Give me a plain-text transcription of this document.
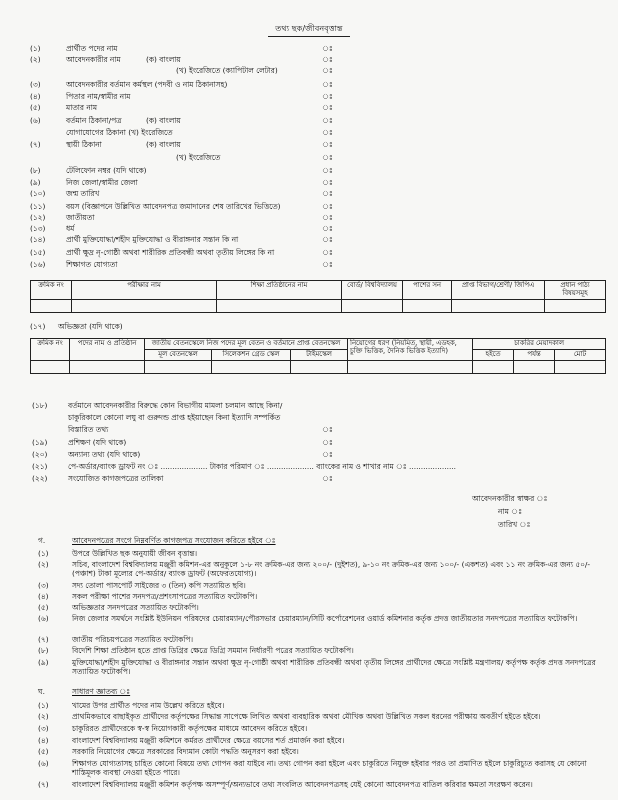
তথ্য ছক/জীবনবৃত্তান্ত
(১)	প্রার্থীত পদের নাম	ঃ
(২)	আবেদনকারীর নাম	(ক) বাংলায়	ঃ
(খ) ইংরেজিতে (ক্যাপিটাল লেটার)	ঃ
(৩)	আবেদনকারীর বর্তমান কর্মস্থল (পদবী ও নাম ঠিকানাসহ)	ঃ
(৪)	পিতার নাম/স্বামীর নাম	ঃ
(৫)	মাতার নাম	ঃ
(৬)	বর্তমান ঠিকানা/পত্র	(ক) বাংলায়	ঃ
যোগাযোগের ঠিকানা (খ) ইংরেজিতে	ঃ
(৭)	স্থায়ী ঠিকানা	(ক) বাংলায়	ঃ
(খ) ইংরেজিতে	ঃ
(৮)	টেলিফোন নম্বর (যদি থাকে)	ঃ
(৯)	নিজ জেলা/স্বামীর জেলা	ঃ
(১০)	জন্ম তারিখ	ঃ
(১১)	বয়স (বিজ্ঞাপনে উল্লিখিত আবেদনপত্র জমাদানের শেষ তারিখের ভিত্তিতে)	ঃ
(১২)	জাতীয়তা	ঃ
(১৩)	ধর্ম	ঃ
(১৪)	প্রার্থী মুক্তিযোদ্ধা/শহীদ মুক্তিযোদ্ধা ও বীরাঙ্গনার সন্তান কি না	ঃ
(১৫)	প্রার্থী ক্ষুদ্র নৃ-গোষ্ঠী অথবা শারীরিক প্রতিবন্ধী অথবা তৃতীয় লিঙ্গের কি না	ঃ
(১৬)	শিক্ষাগত যোগ্যতা	ঃ
ক্রমিক নং	পরীক্ষার নাম	শিক্ষা প্রতিষ্ঠানের নাম	বোর্ড/ বিশ্ববিদ্যালয়	পাশের সন	প্রাপ্ত বিভাগ/শ্রেণী/ জিপিএ	প্রধান পাঠ্য বিষয়সমূহ

(১৭)	অভিজ্ঞতা (যদি থাকে)
ক্রমিক নং	পদের নাম ও প্রতিষ্ঠান	জাতীয় বেতনস্কেলে নিজ পদের মূল বেতন ও বর্তমানে প্রাপ্ত বেতনস্কেল			নিয়োগের ধরণ (নিয়মিত, স্থায়ী, এডহক, চুক্তি ভিত্তিক, দৈনিক ভিত্তিক ইত্যাদি)	চাকরির মেয়াদকাল		
		মূল বেতনস্কেল	সিলেকশন গ্রেড স্কেল	টাইমস্কেল		হইতে	পর্যন্ত	মোট

(১৮)	বর্তমানে আবেদনকারীর বিরুদ্ধে কোন বিভাগীয় মামলা চলমান আছে কিনা/
চাকুরিকালে কোনো লঘু বা গুরুদন্ড প্রাপ্ত হইয়াছেন কিনা ইত্যাদি সম্পর্কিত
বিস্তারিত তথ্য	ঃ
(১৯)	প্রশিক্ষণ (যদি থাকে)	ঃ
(২০)	অন্যান্য তথ্য (যদি থাকে)	ঃ
(২১)	পে-অর্ডার/ব্যাংক ড্রাফট নং ঃ .................... টাকার পরিমাণ ঃ .................... ব্যাংকের নাম ও শাখার নাম ঃ ....................
(২২)	সংযোজিত কাগজপত্রের তালিকা	ঃ
আবেদনকারীর স্বাক্ষর ঃ
নাম ঃ
তারিখ ঃ
গ.	আবেদনপত্রের সংগে নিম্নবর্ণিত কাগজপত্র সংযোজন করিতে হইবে ঃ
(১)	উপরে উল্লিখিত ছক অনুযায়ী জীবন বৃত্তান্ত।
(২)	সচিব, বাংলাদেশ বিশ্ববিদ্যালয় মঞ্জুরী কমিশন-এর অনুকূলে ১-৮ নং ক্রমিক-এর জন্য ২০০/- (দুইশত), ৯-১০ নং ক্রমিক-এর জন্য ১০০/- (একশত) এবং ১১ নং ক্রমিক-এর জন্য ৫০/- (পঞ্চাশ) টাকা মূল্যের পে-অর্ডার/ ব্যাংক ড্রাফট (অফেরতযোগ্য)।
(৩)	সদ্য তোলা পাসপোর্ট সাইজের ৩ (তিন) কপি সত্যায়িত ছবি।
(৪)	সকল পরীক্ষা পাশের সনদপত্র/প্রশংসাপত্রের সত্যায়িত ফটোকপি।
(৫)	অভিজ্ঞতার সনদপত্রের সত্যায়িত ফটোকপি।
(৬)	নিজ জেলার সমর্থনে সংশ্লিষ্ট ইউনিয়ন পরিষদের চেয়ারম্যান/পৌরসভার চেয়ারম্যান/সিটি কর্পোরেশনের ওয়ার্ড কমিশনার কর্তৃক প্রদত্ত জাতীয়তার সনদপত্রের সত্যায়িত ফটোকপি।
(৭)	জাতীয় পরিচয়পত্রের সত্যায়িত ফটোকপি।
(৮)	বিদেশি শিক্ষা প্রতিষ্ঠান হতে প্রাপ্ত ডিগ্রির ক্ষেত্রে ডিগ্রি সমমান নির্ধারণী পত্রের সত্যায়িত ফটোকপি।
(৯)	মুক্তিযোদ্ধা/শহীদ মুক্তিযোদ্ধা ও বীরাঙ্গনার সন্তান অথবা ক্ষুদ্র নৃ-গোষ্ঠী অথবা শারীরিক প্রতিবন্ধী অথবা তৃতীয় লিঙ্গের প্রার্থীদের ক্ষেত্রে সংশ্লিষ্ট মন্ত্রণালয়/ কর্তৃপক্ষ কর্তৃক প্রদত্ত সনদপত্রের সত্যায়িত ফটোকপি।
ঘ.	সাধারণ জ্ঞাতব্য ঃ
(১)	খামের উপর প্রার্থীত পদের নাম উল্লেখ করিতে হইবে।
(২)	প্রাথমিকভাবে বাছাইকৃত প্রার্থীদের কর্তৃপক্ষের সিদ্ধান্ত সাপেক্ষে লিখিত অথবা ব্যবহারিক অথবা মৌখিক অথবা উল্লিখিত সকল ধরনের পরীক্ষায় অবতীর্ণ হইতে হইবে।
(৩)	চাকুরিরত প্রার্থীদেরকে স্ব-স্ব নিয়োগকারী কর্তৃপক্ষের মাধ্যমে আবেদন করিতে হইবে।
(৪)	বাংলাদেশ বিশ্ববিদ্যালয় মঞ্জুরী কমিশনে কর্মরত প্রার্থীদের ক্ষেত্রে বয়সের শর্ত প্রমার্জন করা হইবে।
(৫)	সরকারি নিয়োগের ক্ষেত্রে সরকারের বিদ্যমান কোটা পদ্ধতি অনুসরণ করা হইবে।
(৬)	শিক্ষাগত যোগ্যতাসহ চাহিত কোনো বিষয়ে তথ্য গোপন করা যাইবে না। তথ্য গোপন করা হইলে এবং চাকুরিতে নিযুক্ত হইবার পরও তা প্রমাণিত হইলে চাকুরিচ্যুত করাসহ যে কোনো শাস্তিমূলক ব্যবস্থা নেওয়া হইতে পারে।
(৭)	বাংলাদেশ বিশ্ববিদ্যালয় মঞ্জুরী কমিশন কর্তৃপক্ষ অসম্পূর্ণ/অন্যভাবে তথ্য সংবলিত আবেদনপত্রসহ যেই কোনো আবেদনপত্র বাতিল করিবার ক্ষমতা সংরক্ষণ করেন।
